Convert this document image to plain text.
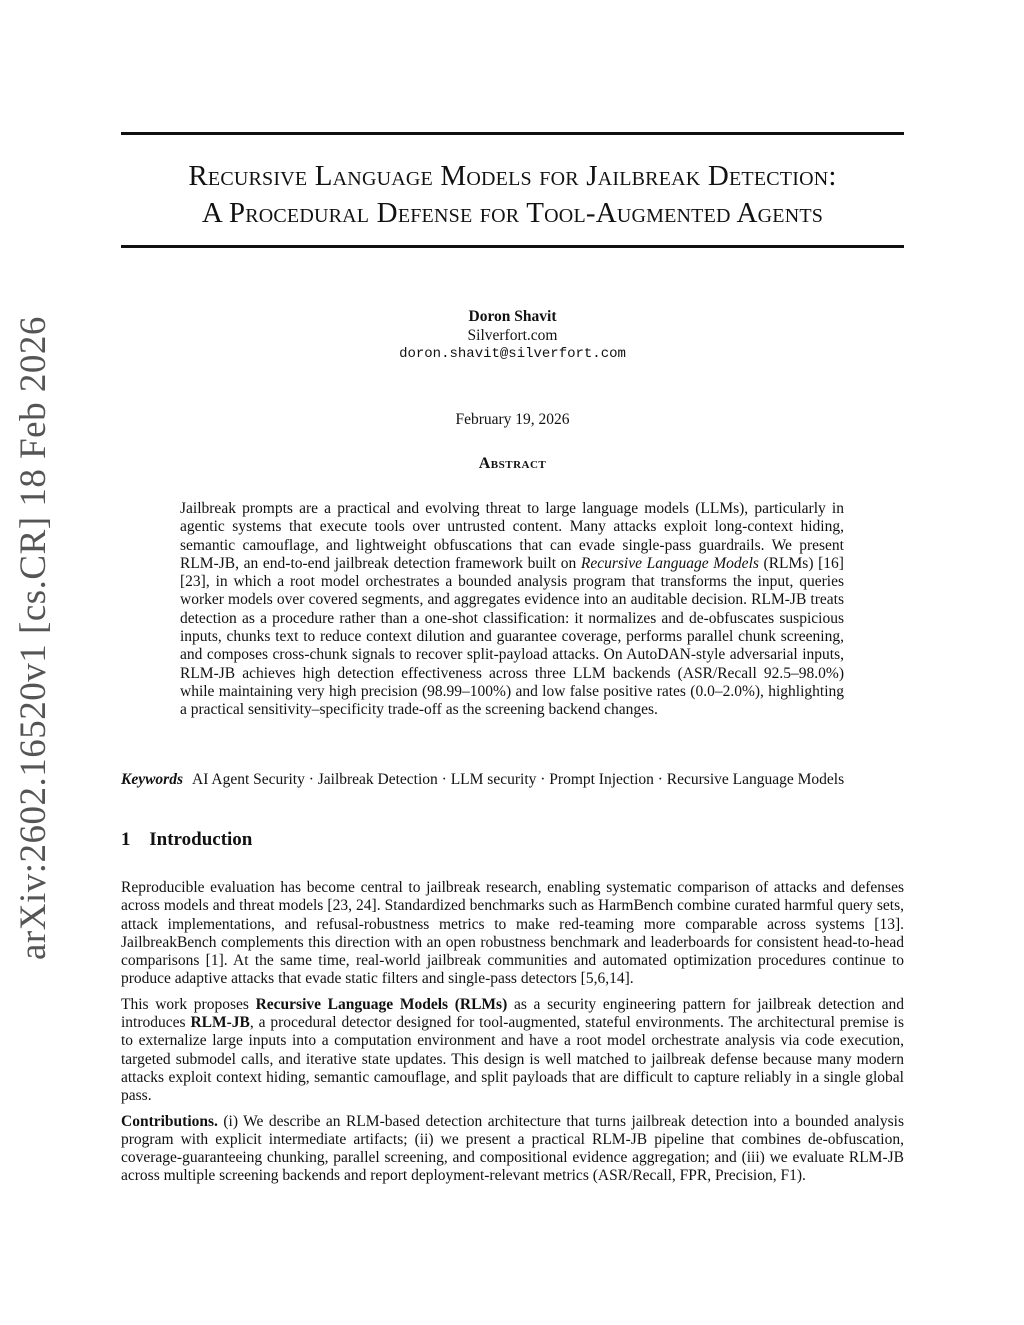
arXiv:2602.16520v1 [cs.CR] 18 Feb 2026
Recursive Language Models for Jailbreak Detection:
A Procedural Defense for Tool-Augmented Agents
Doron Shavit
Silverfort.com
doron.shavit@silverfort.com
February 19, 2026
Abstract
Jailbreak prompts are a practical and evolving threat to large language models (LLMs), particularly in agentic systems that execute tools over untrusted content. Many attacks exploit long-context hiding, semantic camouflage, and lightweight obfuscations that can evade single-pass guardrails. We present RLM-JB, an end-to-end jailbreak detection framework built on Recursive Language Models (RLMs) [16] [23], in which a root model orchestrates a bounded analysis program that transforms the input, queries worker models over covered segments, and aggregates evidence into an auditable decision. RLM-JB treats detection as a procedure rather than a one-shot classification: it normalizes and de-obfuscates suspicious inputs, chunks text to reduce context dilution and guarantee coverage, performs parallel chunk screening, and composes cross-chunk signals to recover split-payload attacks. On AutoDAN-style adversarial inputs, RLM-JB achieves high detection effectiveness across three LLM backends (ASR/Recall 92.5–98.0%) while maintaining very high precision (98.99–100%) and low false positive rates (0.0–2.0%), highlighting a practical sensitivity–specificity trade-off as the screening backend changes.
Keywords AI Agent Security · Jailbreak Detection · LLM security · Prompt Injection · Recursive Language Models
1 Introduction

Reproducible evaluation has become central to jailbreak research, enabling systematic comparison of attacks and defenses across models and threat models [23, 24]. Standardized benchmarks such as HarmBench combine curated harmful query sets, attack implementations, and refusal-robustness metrics to make red-teaming more comparable across systems [13]. JailbreakBench complements this direction with an open robustness benchmark and leaderboards for consistent head-to-head comparisons [1]. At the same time, real-world jailbreak communities and automated optimization procedures continue to produce adaptive attacks that evade static filters and single-pass detectors [5,6,14].

This work proposes Recursive Language Models (RLMs) as a security engineering pattern for jailbreak detection and introduces RLM-JB, a procedural detector designed for tool-augmented, stateful environments. The architectural premise is to externalize large inputs into a computation environment and have a root model orchestrate analysis via code execution, targeted submodel calls, and iterative state updates. This design is well matched to jailbreak defense because many modern attacks exploit context hiding, semantic camouflage, and split payloads that are difficult to capture reliably in a single global pass.

Contributions. (i) We describe an RLM-based detection architecture that turns jailbreak detection into a bounded analysis program with explicit intermediate artifacts; (ii) we present a practical RLM-JB pipeline that combines de-obfuscation, coverage-guaranteeing chunking, parallel screening, and compositional evidence aggregation; and (iii) we evaluate RLM-JB across multiple screening backends and report deployment-relevant metrics (ASR/Recall, FPR, Precision, F1).
